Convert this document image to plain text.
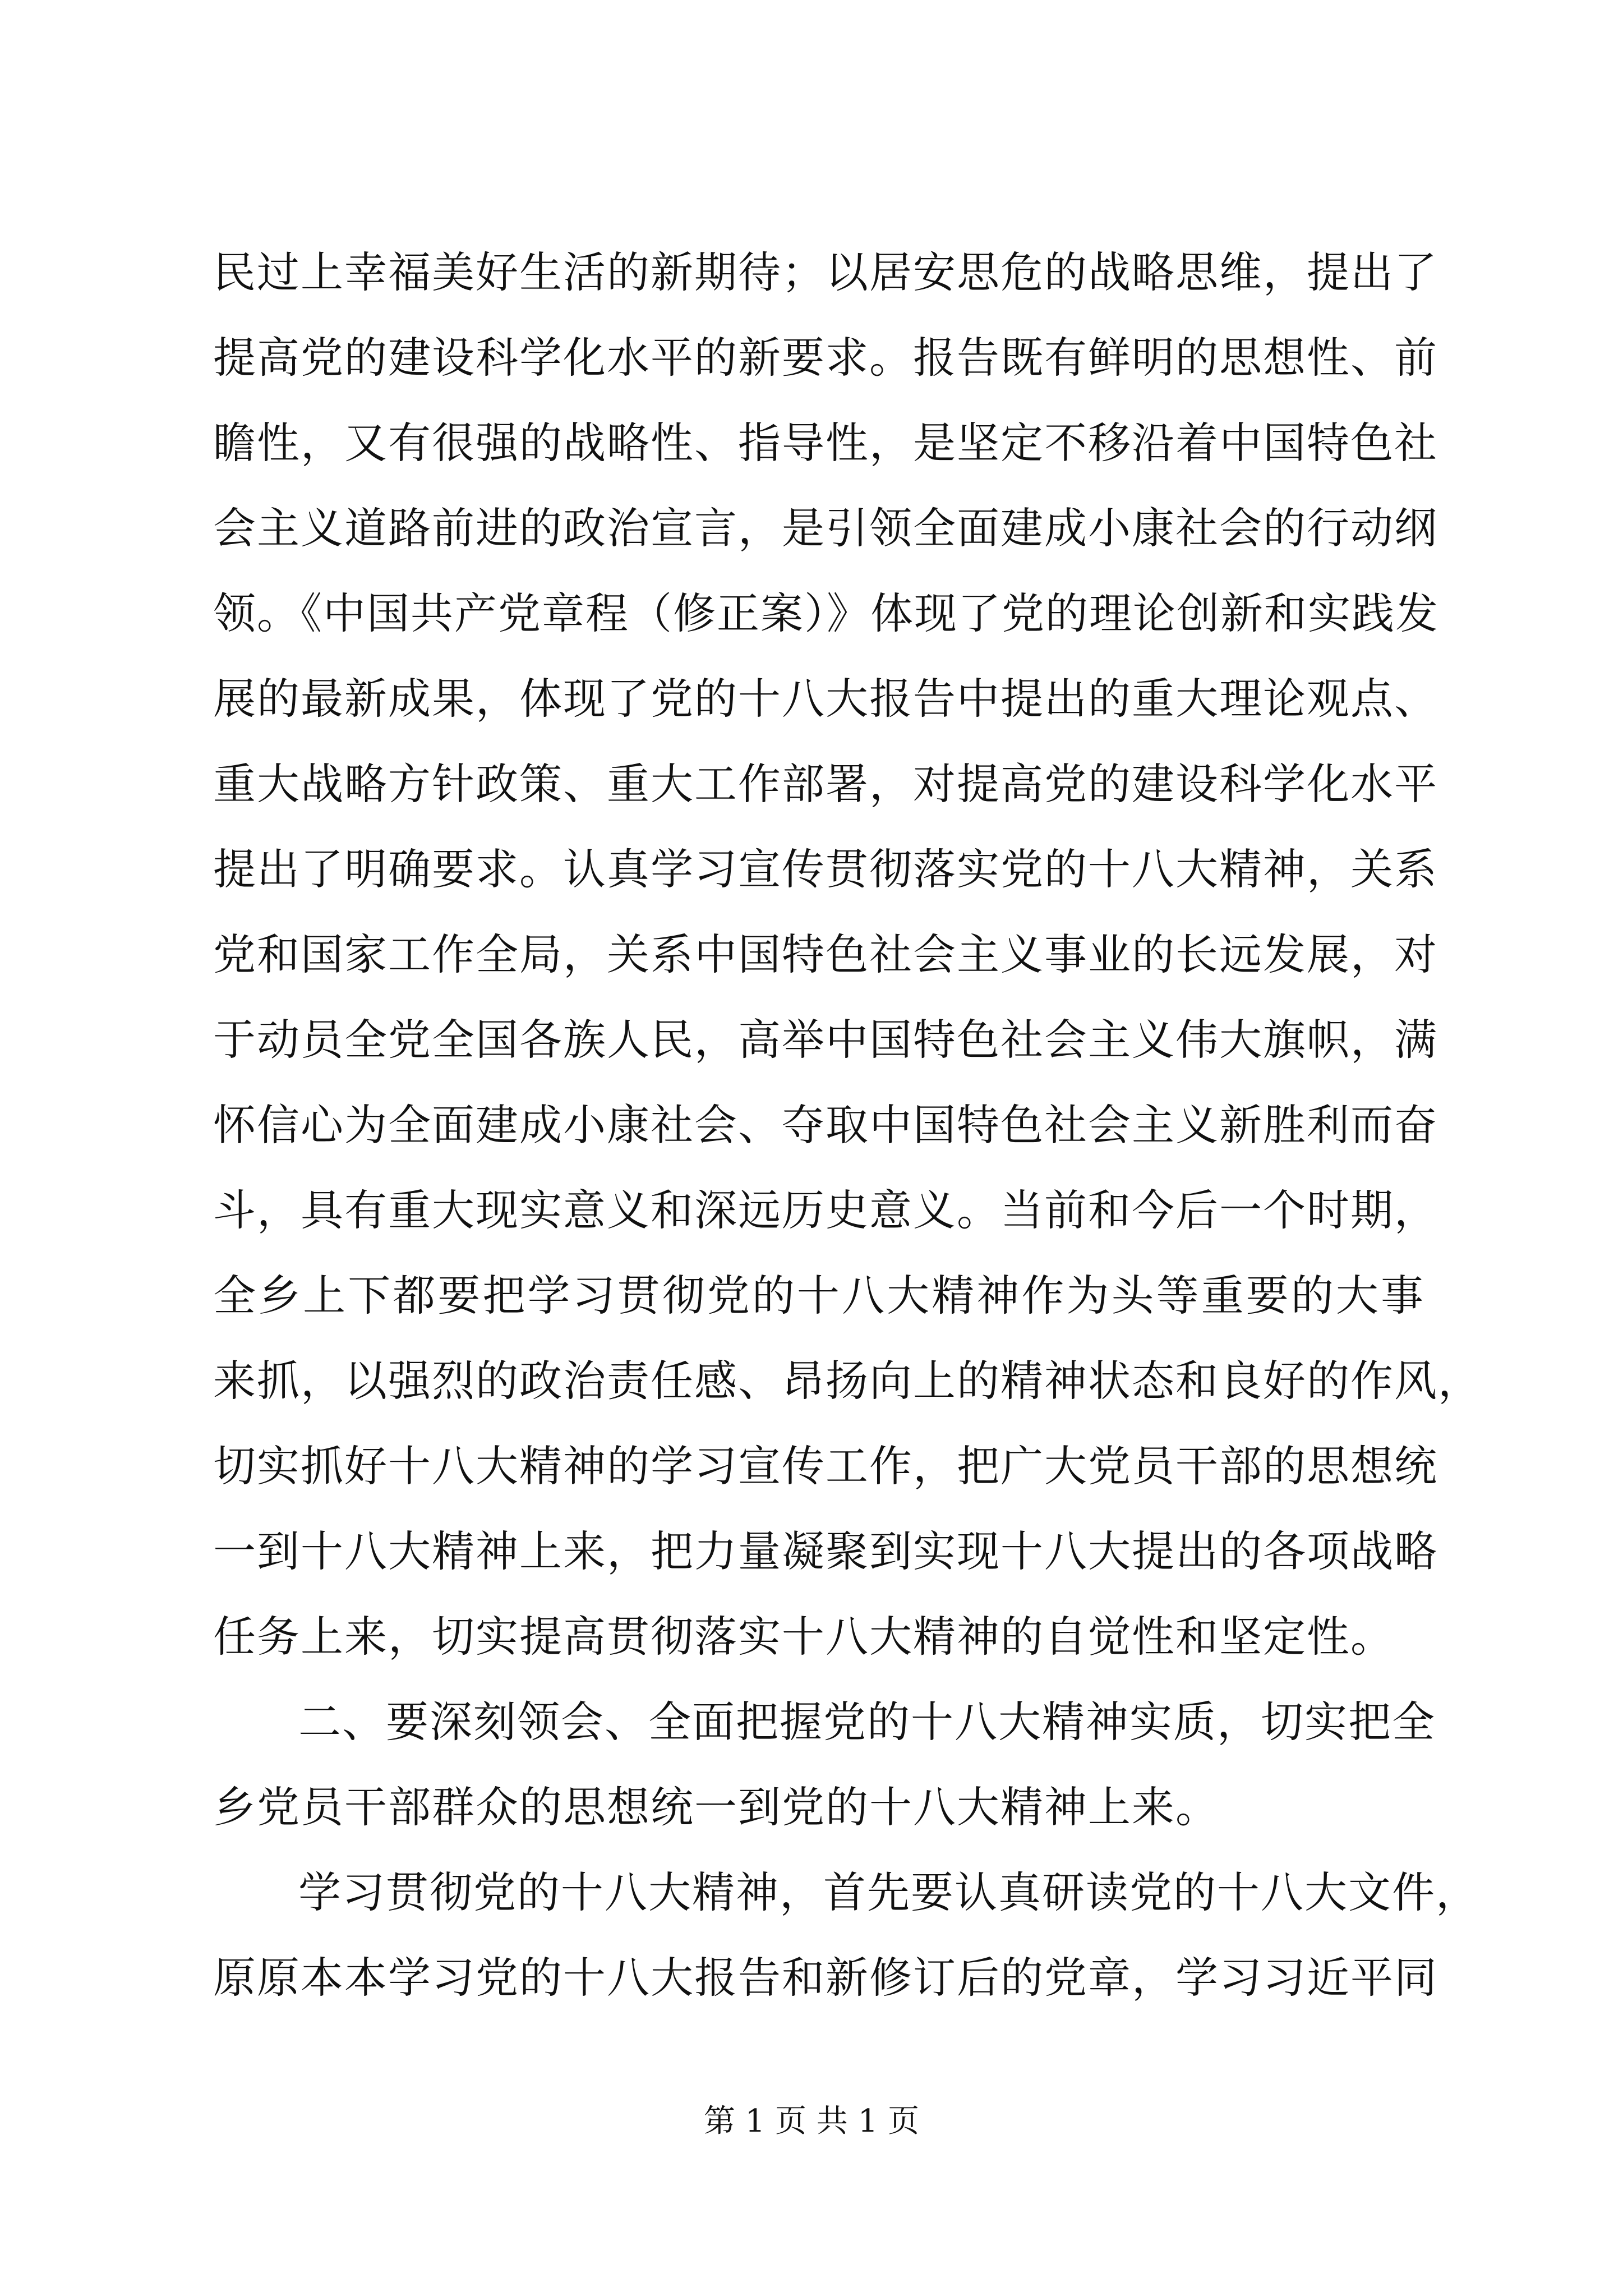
民过上幸福美好生活的新期待；以居安思危的战略思维，提出了
提高党的建设科学化水平的新要求。报告既有鲜明的思想性、前
瞻性，又有很强的战略性、指导性，是坚定不移沿着中国特色社
会主义道路前进的政治宣言，是引领全面建成小康社会的行动纲
领。《中国共产党章程（修正案）》体现了党的理论创新和实践发
展的最新成果，体现了党的十八大报告中提出的重大理论观点、
重大战略方针政策、重大工作部署，对提高党的建设科学化水平
提出了明确要求。认真学习宣传贯彻落实党的十八大精神，关系
党和国家工作全局，关系中国特色社会主义事业的长远发展，对
于动员全党全国各族人民，高举中国特色社会主义伟大旗帜，满
怀信心为全面建成小康社会、夺取中国特色社会主义新胜利而奋
斗，具有重大现实意义和深远历史意义。当前和今后一个时期，
全乡上下都要把学习贯彻党的十八大精神作为头等重要的大事
来抓，以强烈的政治责任感、昂扬向上的精神状态和良好的作风，
切实抓好十八大精神的学习宣传工作，把广大党员干部的思想统
一到十八大精神上来，把力量凝聚到实现十八大提出的各项战略
任务上来，切实提高贯彻落实十八大精神的自觉性和坚定性。
二、要深刻领会、全面把握党的十八大精神实质，切实把全
乡党员干部群众的思想统一到党的十八大精神上来。
学习贯彻党的十八大精神，首先要认真研读党的十八大文件，
原原本本学习党的十八大报告和新修订后的党章，学习习近平同
第 1 页 共 1 页
